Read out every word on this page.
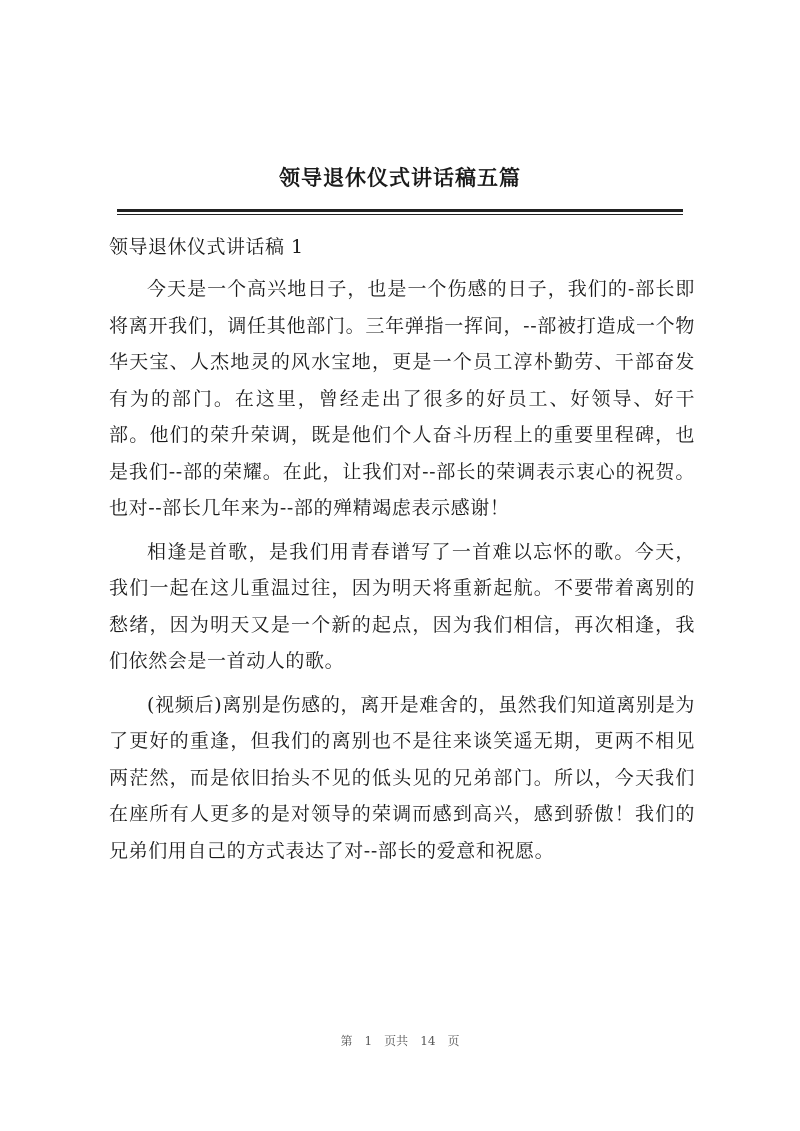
领导退休仪式讲话稿五篇
领导退休仪式讲话稿 1

今天是一个高兴地日子，也是一个伤感的日子，我们的-部长即将离开我们，调任其他部门。三年弹指一挥间，--部被打造成一个物华天宝、人杰地灵的风水宝地，更是一个员工淳朴勤劳、干部奋发有为的部门。在这里，曾经走出了很多的好员工、好领导、好干部。他们的荣升荣调，既是他们个人奋斗历程上的重要里程碑，也是我们--部的荣耀。在此，让我们对--部长的荣调表示衷心的祝贺。也对--部长几年来为--部的殚精竭虑表示感谢！

相逢是首歌，是我们用青春谱写了一首难以忘怀的歌。今天，我们一起在这儿重温过往，因为明天将重新起航。不要带着离别的愁绪，因为明天又是一个新的起点，因为我们相信，再次相逢，我们依然会是一首动人的歌。

(视频后)离别是伤感的，离开是难舍的，虽然我们知道离别是为了更好的重逢，但我们的离别也不是往来谈笑遥无期，更两不相见两茫然，而是依旧抬头不见的低头见的兄弟部门。所以，今天我们在座所有人更多的是对领导的荣调而感到高兴，感到骄傲！我们的兄弟们用自己的方式表达了对--部长的爱意和祝愿。

第 1 页共 14 页
